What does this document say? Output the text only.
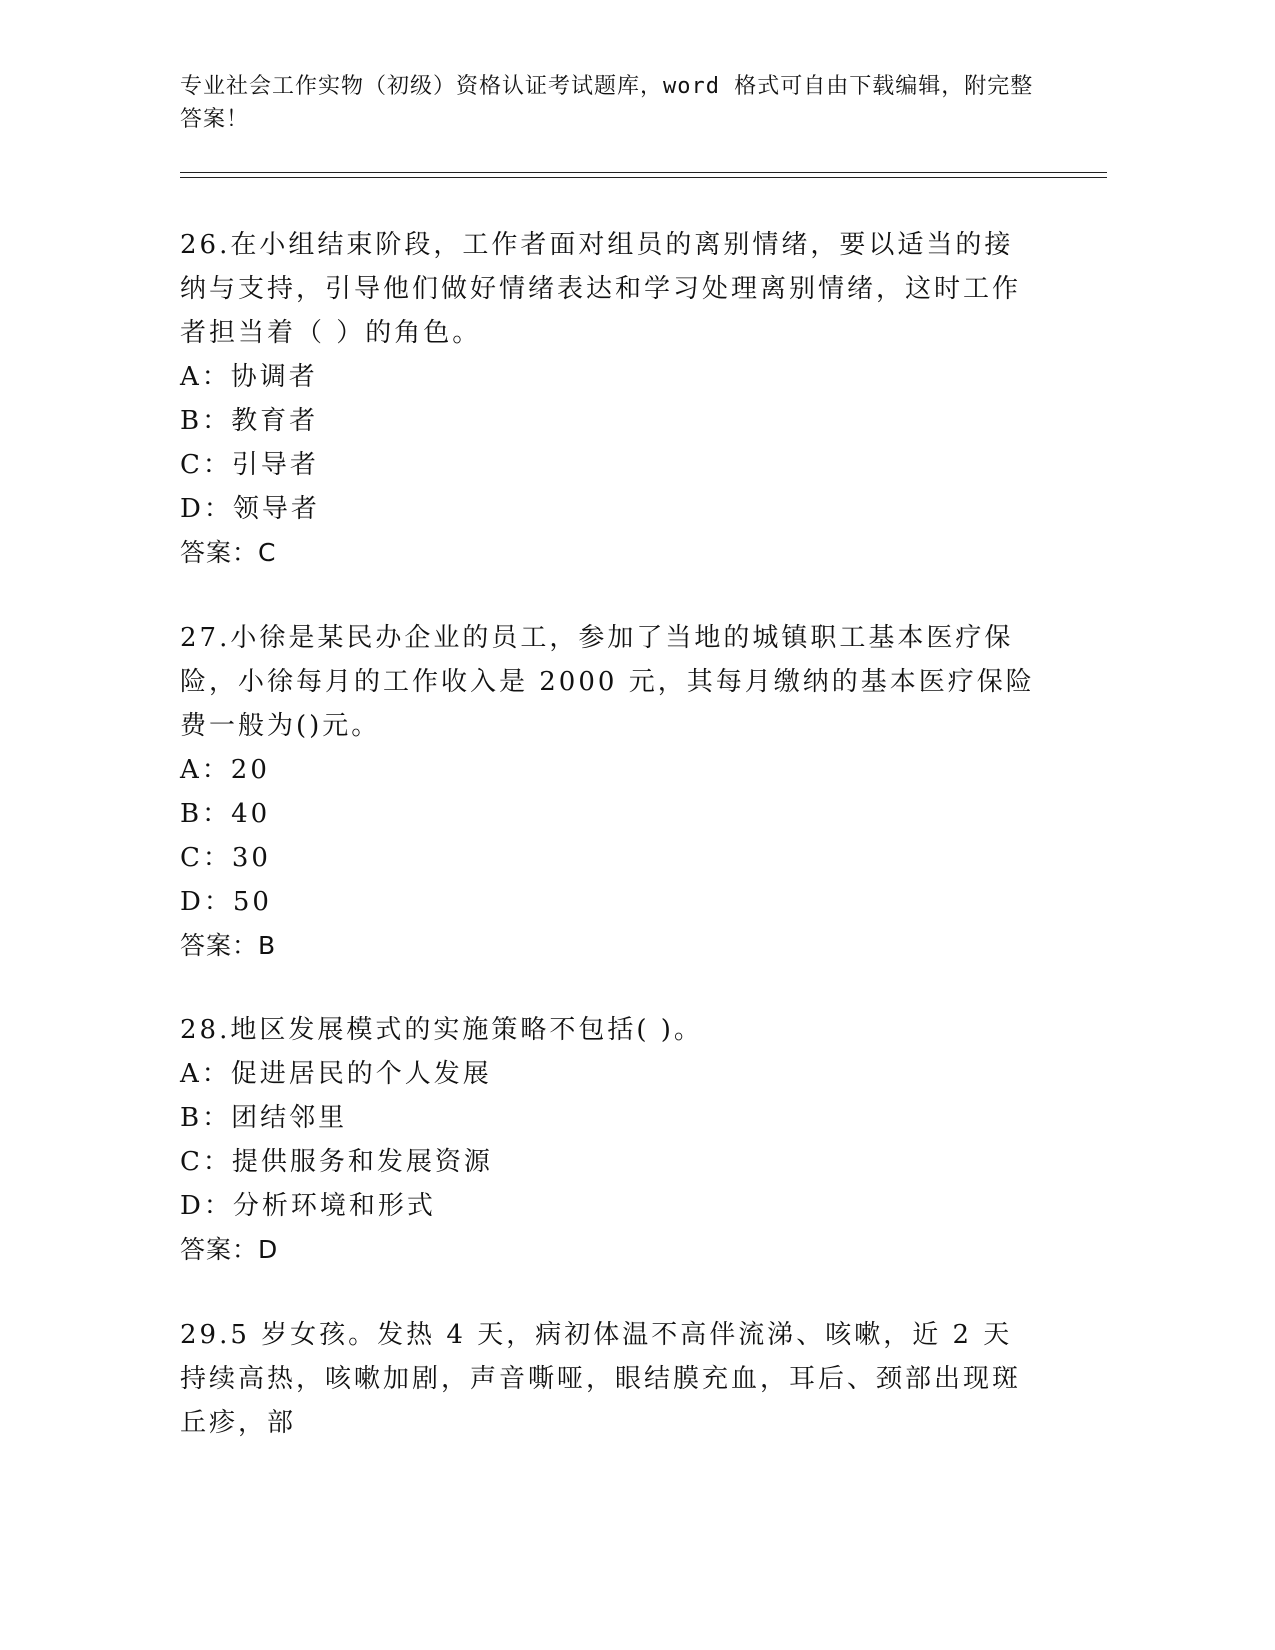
专业社会工作实物（初级）资格认证考试题库，word 格式可自由下载编辑，附完整答案！
26.在小组结束阶段，工作者面对组员的离别情绪，要以适当的接纳与支持，引导他们做好情绪表达和学习处理离别情绪，这时工作者担当着（ ）的角色。
A：协调者
B：教育者
C：引导者
D：领导者
答案：C
27.小徐是某民办企业的员工，参加了当地的城镇职工基本医疗保险，小徐每月的工作收入是 2000 元，其每月缴纳的基本医疗保险费一般为()元。
A：20
B：40
C：30
D：50
答案：B
28.地区发展模式的实施策略不包括( )。
A：促进居民的个人发展
B：团结邻里
C：提供服务和发展资源
D：分析环境和形式
答案：D
29.5 岁女孩。发热 4 天，病初体温不高伴流涕、咳嗽，近 2 天持续高热，咳嗽加剧，声音嘶哑，眼结膜充血，耳后、颈部出现斑丘疹，部
